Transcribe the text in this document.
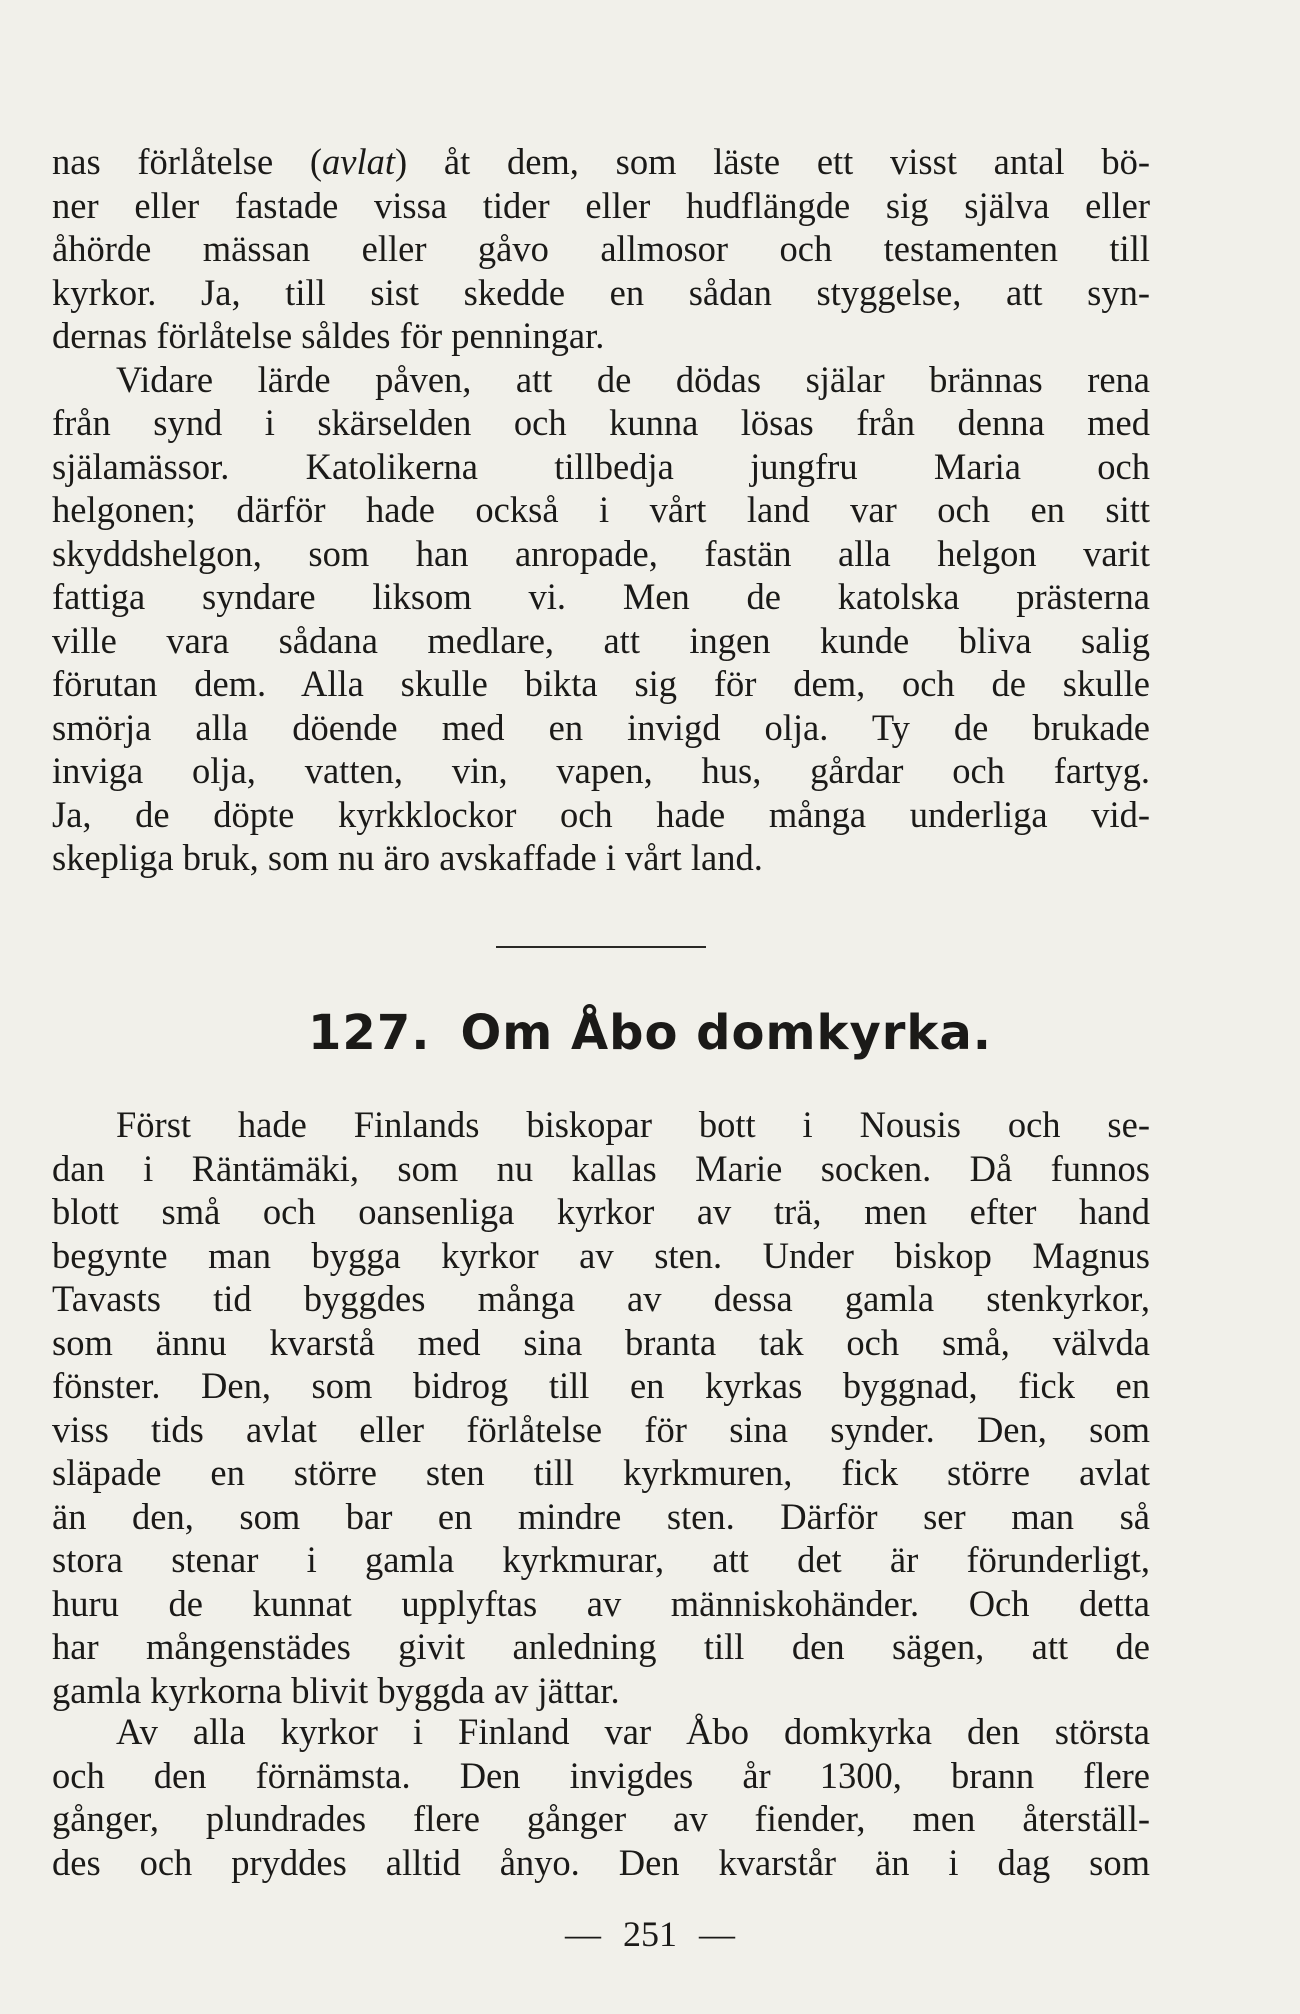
nas förlåtelse (avlat) åt dem, som läste ett visst antal bö-
ner eller fastade vissa tider eller hudflängde sig själva eller
åhörde mässan eller gåvo allmosor och testamenten till
kyrkor. Ja, till sist skedde en sådan styggelse, att syn-
dernas förlåtelse såldes för penningar.
Vidare lärde påven, att de dödas själar brännas rena
från synd i skärselden och kunna lösas från denna med
själamässor. Katolikerna tillbedja jungfru Maria och
helgonen; därför hade också i vårt land var och en sitt
skyddshelgon, som han anropade, fastän alla helgon varit
fattiga syndare liksom vi. Men de katolska prästerna
ville vara sådana medlare, att ingen kunde bliva salig
förutan dem. Alla skulle bikta sig för dem, och de skulle
smörja alla döende med en invigd olja. Ty de brukade
inviga olja, vatten, vin, vapen, hus, gårdar och fartyg.
Ja, de döpte kyrkklockor och hade många underliga vid-
skepliga bruk, som nu äro avskaffade i vårt land.
127. Om Åbo domkyrka.
Först hade Finlands biskopar bott i Nousis och se-
dan i Räntämäki, som nu kallas Marie socken. Då funnos
blott små och oansenliga kyrkor av trä, men efter hand
begynte man bygga kyrkor av sten. Under biskop Magnus
Tavasts tid byggdes många av dessa gamla stenkyrkor,
som ännu kvarstå med sina branta tak och små, välvda
fönster. Den, som bidrog till en kyrkas byggnad, fick en
viss tids avlat eller förlåtelse för sina synder. Den, som
släpade en större sten till kyrkmuren, fick större avlat
än den, som bar en mindre sten. Därför ser man så
stora stenar i gamla kyrkmurar, att det är förunderligt,
huru de kunnat upplyftas av människohänder. Och detta
har mångenstädes givit anledning till den sägen, att de
gamla kyrkorna blivit byggda av jättar.
Av alla kyrkor i Finland var Åbo domkyrka den största
och den förnämsta. Den invigdes år 1300, brann flere
gånger, plundrades flere gånger av fiender, men återställ-
des och pryddes alltid ånyo. Den kvarstår än i dag som
— 251 —
